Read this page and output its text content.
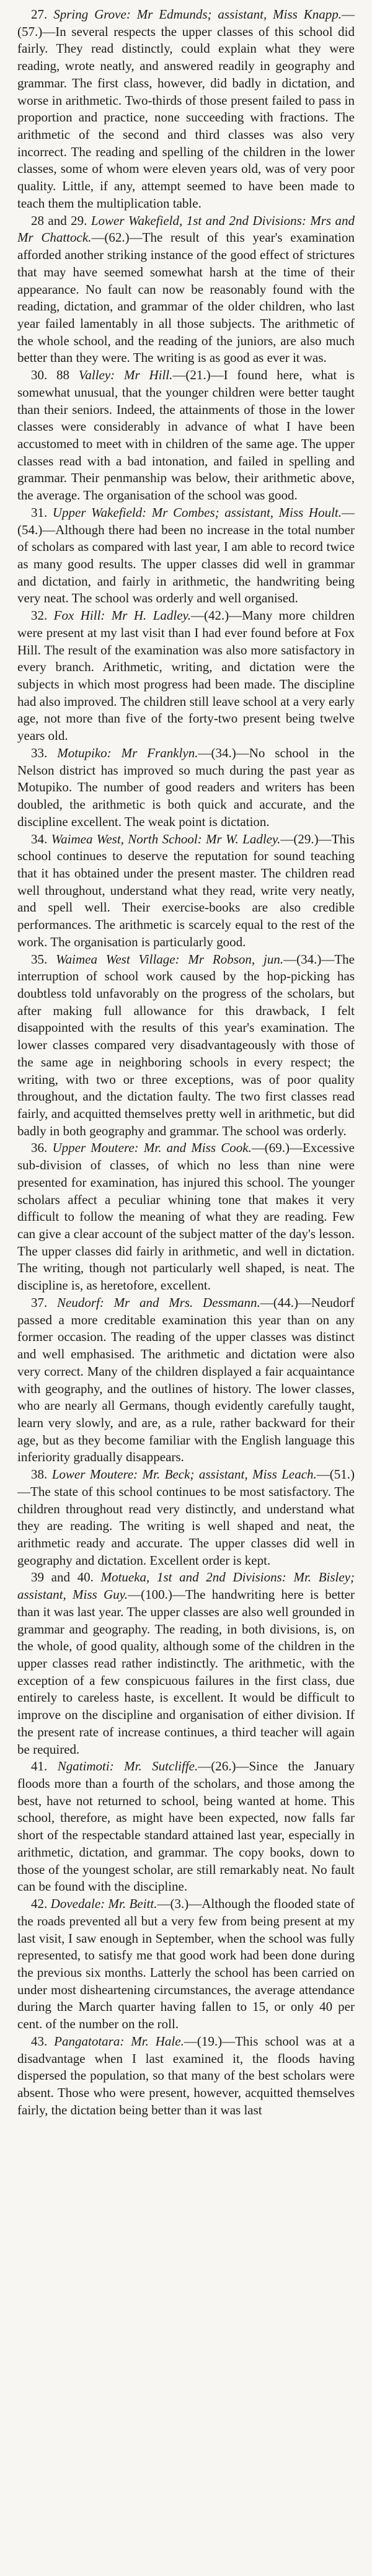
27. Spring Grove: Mr Edmunds; assistant, Miss Knapp.—(57.)—In several respects the upper classes of this school did fairly. They read distinctly, could explain what they were reading, wrote neatly, and answered readily in geography and grammar. The first class, however, did badly in dictation, and worse in arithmetic. Two-thirds of those present failed to pass in proportion and practice, none succeeding with fractions. The arithmetic of the second and third classes was also very incorrect. The reading and spelling of the children in the lower classes, some of whom were eleven years old, was of very poor quality. Little, if any, attempt seemed to have been made to teach them the multiplication table.

28 and 29. Lower Wakefield, 1st and 2nd Divisions: Mrs and Mr Chattock.—(62.)—The result of this year's examination afforded another striking instance of the good effect of strictures that may have seemed somewhat harsh at the time of their appearance. No fault can now be reasonably found with the reading, dictation, and grammar of the older children, who last year failed lamentably in all those subjects. The arithmetic of the whole school, and the reading of the juniors, are also much better than they were. The writing is as good as ever it was.

30. 88 Valley: Mr Hill.—(21.)—I found here, what is somewhat unusual, that the younger children were better taught than their seniors. Indeed, the attainments of those in the lower classes were considerably in advance of what I have been accustomed to meet with in children of the same age. The upper classes read with a bad intonation, and failed in spelling and grammar. Their penmanship was below, their arithmetic above, the average. The organisation of the school was good.

31. Upper Wakefield: Mr Combes; assistant, Miss Hoult.—(54.)—Although there had been no increase in the total number of scholars as compared with last year, I am able to record twice as many good results. The upper classes did well in grammar and dictation, and fairly in arithmetic, the handwriting being very neat. The school was orderly and well organised.

32. Fox Hill: Mr H. Ladley.—(42.)—Many more children were present at my last visit than I had ever found before at Fox Hill. The result of the examination was also more satisfactory in every branch. Arithmetic, writing, and dictation were the subjects in which most progress had been made. The discipline had also improved. The children still leave school at a very early age, not more than five of the forty-two present being twelve years old.

33. Motupiko: Mr Franklyn.—(34.)—No school in the Nelson district has improved so much during the past year as Motupiko. The number of good readers and writers has been doubled, the arithmetic is both quick and accurate, and the discipline excellent. The weak point is dictation.

34. Waimea West, North School: Mr W. Ladley.—(29.)—This school continues to deserve the reputation for sound teaching that it has obtained under the present master. The children read well throughout, understand what they read, write very neatly, and spell well. Their exercise-books are also credible performances. The arithmetic is scarcely equal to the rest of the work. The organisation is particularly good.

35. Waimea West Village: Mr Robson, jun.—(34.)—The interruption of school work caused by the hop-picking has doubtless told unfavorably on the progress of the scholars, but after making full allowance for this drawback, I felt disappointed with the results of this year's examination. The lower classes compared very disadvantageously with those of the same age in neighboring schools in every respect; the writing, with two or three exceptions, was of poor quality throughout, and the dictation faulty. The two first classes read fairly, and acquitted themselves pretty well in arithmetic, but did badly in both geography and grammar. The school was orderly.

36. Upper Moutere: Mr. and Miss Cook.—(69.)—Excessive sub-division of classes, of which no less than nine were presented for examination, has injured this school. The younger scholars affect a peculiar whining tone that makes it very difficult to follow the meaning of what they are reading. Few can give a clear account of the subject matter of the day's lesson. The upper classes did fairly in arithmetic, and well in dictation. The writing, though not particularly well shaped, is neat. The discipline is, as heretofore, excellent.

37. Neudorf: Mr and Mrs. Dessmann.—(44.)—Neudorf passed a more creditable examination this year than on any former occasion. The reading of the upper classes was distinct and well emphasised. The arithmetic and dictation were also very correct. Many of the children displayed a fair acquaintance with geography, and the outlines of history. The lower classes, who are nearly all Germans, though evidently carefully taught, learn very slowly, and are, as a rule, rather backward for their age, but as they become familiar with the English language this inferiority gradually disappears.

38. Lower Moutere: Mr. Beck; assistant, Miss Leach.—(51.)—The state of this school continues to be most satisfactory. The children throughout read very distinctly, and understand what they are reading. The writing is well shaped and neat, the arithmetic ready and accurate. The upper classes did well in geography and dictation. Excellent order is kept.

39 and 40. Motueka, 1st and 2nd Divisions: Mr. Bisley; assistant, Miss Guy.—(100.)—The handwriting here is better than it was last year. The upper classes are also well grounded in grammar and geography. The reading, in both divisions, is, on the whole, of good quality, although some of the children in the upper classes read rather indistinctly. The arithmetic, with the exception of a few conspicuous failures in the first class, due entirely to careless haste, is excellent. It would be difficult to improve on the discipline and organisation of either division. If the present rate of increase continues, a third teacher will again be required.

41. Ngatimoti: Mr. Sutcliffe.—(26.)—Since the January floods more than a fourth of the scholars, and those among the best, have not returned to school, being wanted at home. This school, therefore, as might have been expected, now falls far short of the respectable standard attained last year, especially in arithmetic, dictation, and grammar. The copy books, down to those of the youngest scholar, are still remarkably neat. No fault can be found with the discipline.

42. Dovedale: Mr. Beitt.—(3.)—Although the flooded state of the roads prevented all but a very few from being present at my last visit, I saw enough in September, when the school was fully represented, to satisfy me that good work had been done during the previous six months. Latterly the school has been carried on under most disheartening circumstances, the average attendance during the March quarter having fallen to 15, or only 40 per cent. of the number on the roll.

43. Pangatotara: Mr. Hale.—(19.)—This school was at a disadvantage when I last examined it, the floods having dispersed the population, so that many of the best scholars were absent. Those who were present, however, acquitted themselves fairly, the dictation being better than it was last
